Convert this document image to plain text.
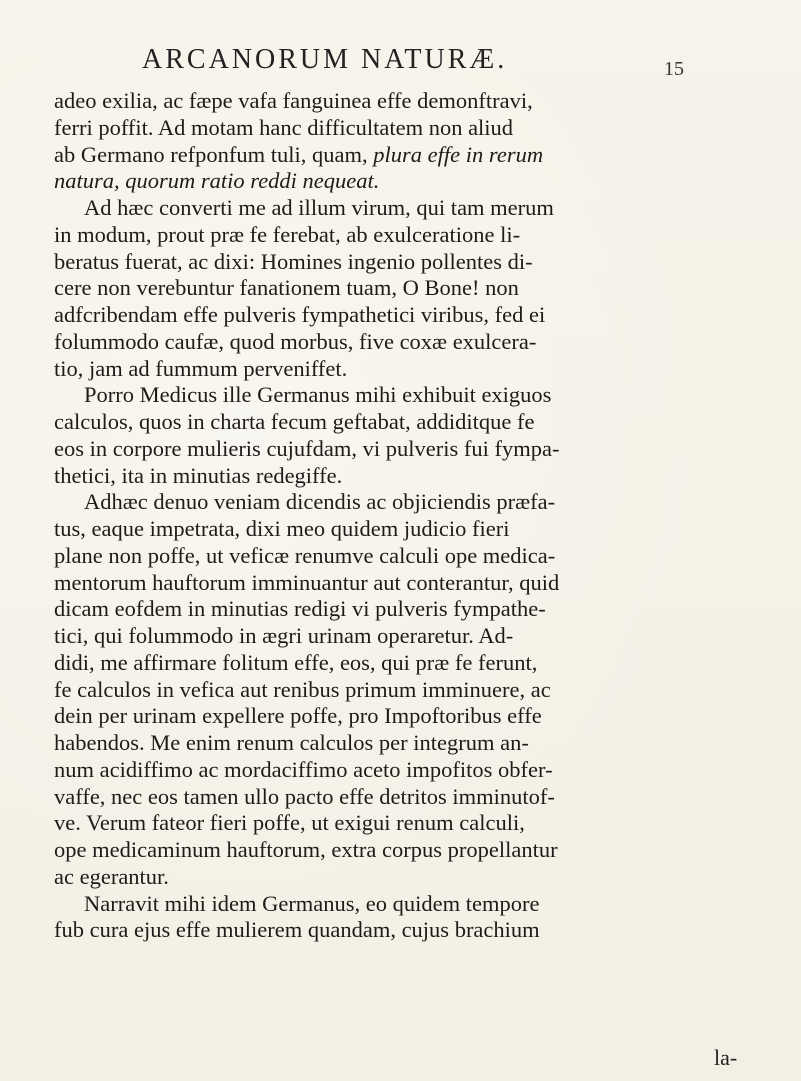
ARCANORUM NATURÆ.	15
adeo exilia, ac fæpe vafa fanguinea effe demonftravi,
ferri poffit. Ad motam hanc difficultatem non aliud
ab Germano refponfum tuli, quam, plura effe in rerum
natura, quorum ratio reddi nequeat.
Ad hæc converti me ad illum virum, qui tam merum
in modum, prout præ fe ferebat, ab exulceratione li-
beratus fuerat, ac dixi: Homines ingenio pollentes di-
cere non verebuntur fanationem tuam, O Bone! non
adfcribendam effe pulveris fympathetici viribus, fed ei
folummodo caufæ, quod morbus, five coxæ exulcera-
tio, jam ad fummum perveniffet.
Porro Medicus ille Germanus mihi exhibuit exiguos
calculos, quos in charta fecum geftabat, addiditque fe
eos in corpore mulieris cujufdam, vi pulveris fui fympa-
thetici, ita in minutias redegiffe.
Adhæc denuo veniam dicendis ac objiciendis præfa-
tus, eaque impetrata, dixi meo quidem judicio fieri
plane non poffe, ut veficæ renumve calculi ope medica-
mentorum hauftorum imminuantur aut conterantur, quid
dicam eofdem in minutias redigi vi pulveris fympathe-
tici, qui folummodo in ægri urinam operaretur. Ad-
didi, me affirmare folitum effe, eos, qui præ fe ferunt,
fe calculos in vefica aut renibus primum imminuere, ac
dein per urinam expellere poffe, pro Impoftoribus effe
habendos. Me enim renum calculos per integrum an-
num acidiffimo ac mordaciffimo aceto impofitos obfer-
vaffe, nec eos tamen ullo pacto effe detritos imminutof-
ve. Verum fateor fieri poffe, ut exigui renum calculi,
ope medicaminum hauftorum, extra corpus propellantur
ac egerantur.
Narravit mihi idem Germanus, eo quidem tempore
fub cura ejus effe mulierem quandam, cujus brachium
la-
